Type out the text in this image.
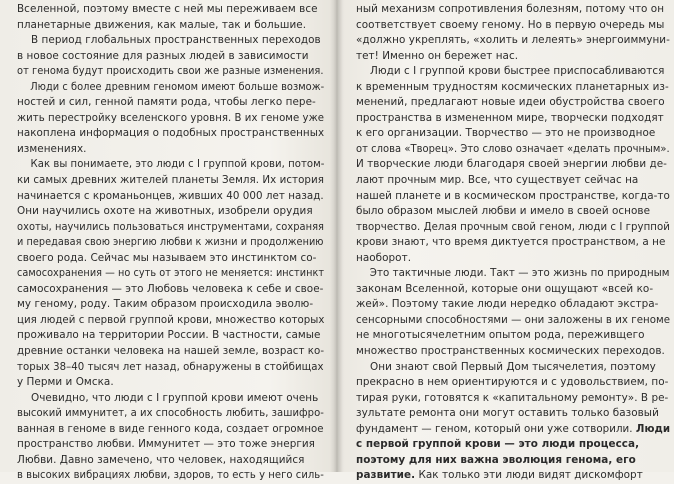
Вселенной, поэтому вместе с ней мы переживаем все
планетарные движения, как малые, так и большие.
В период глобальных пространственных переходов
в новое состояние для разных людей в зависимости
от генома будут происходить свои же разные изменения.
Люди с более древним геномом имеют больше возмож-
ностей и сил, генной памяти рода, чтобы легко пере-
жить перестройку вселенского уровня. В их геноме уже
накоплена информация о подобных пространственных
изменениях.
Как вы понимаете, это люди с I группой крови, потом-
ки самых древних жителей планеты Земля. Их история
начинается с кроманьонцев, живших 40 000 лет назад.
Они научились охоте на животных, изобрели орудия
охоты, научились пользоваться инструментами, сохраняя
и передавая свою энергию любви к жизни и продолжению
своего рода. Сейчас мы называем это инстинктом со-
самосохранения — но суть от этого не меняется: инстинкт
самосохранения — это Любовь человека к себе и свое-
му геному, роду. Таким образом происходила эволю-
ция людей с первой группой крови, множество которых
проживало на территории России. В частности, самые
древние останки человека на нашей земле, возраст ко-
торых 38–40 тысяч лет назад, обнаружены в стойбищах
у Перми и Омска.
Очевидно, что люди с I группой крови имеют очень
высокий иммунитет, а их способность любить, зашифро-
ванная в геноме в виде генного кода, создает огромное
пространство любви. Иммунитет — это тоже энергия
Любви. Давно замечено, что человек, находящийся
в высоких вибрациях любви, здоров, то есть у него силь-
ный механизм сопротивления болезням, потому что он
соответствует своему геному. Но в первую очередь мы
«должно укреплять, «холить и лелеять» энергоиммуни-
тет! Именно он бережет нас.
Люди с I группой крови быстрее приспосабливаются
к временным трудностям космических планетарных из-
менений, предлагают новые идеи обустройства своего
пространства в измененном мире, творчески подходят
к его организации. Творчество — это не производное
от слова «Творец». Это слово означает «делать прочным».
И творческие люди благодаря своей энергии любви де-
лают прочным мир. Все, что существует сейчас на
нашей планете и в космическом пространстве, когда-то
было образом мыслей любви и имело в своей основе
творчество. Делая прочным свой геном, люди с I группой
крови знают, что время диктуется пространством, а не
наоборот.
Это тактичные люди. Такт — это жизнь по природным
законам Вселенной, которые они ощущают «всей ко-
жей». Поэтому такие люди нередко обладают экстра-
сенсорными способностями — они заложены в их геноме
не многотысячелетним опытом рода, переживщего
множество пространственных космических переходов.
Они знают свой Первый Дом тысячелетия, поэтому
прекрасно в нем ориентируются и с удовольствием, по-
тирая руки, готовятся к «капитальному ремонту». В ре-
зультате ремонта они могут оставить только базовый
фундамент — геном, который они уже сотворили. Люди
с первой группой крови — это люди процесса,
поэтому для них важна эволюция генома, его
развитие. Как только эти люди видят дискомфорт
